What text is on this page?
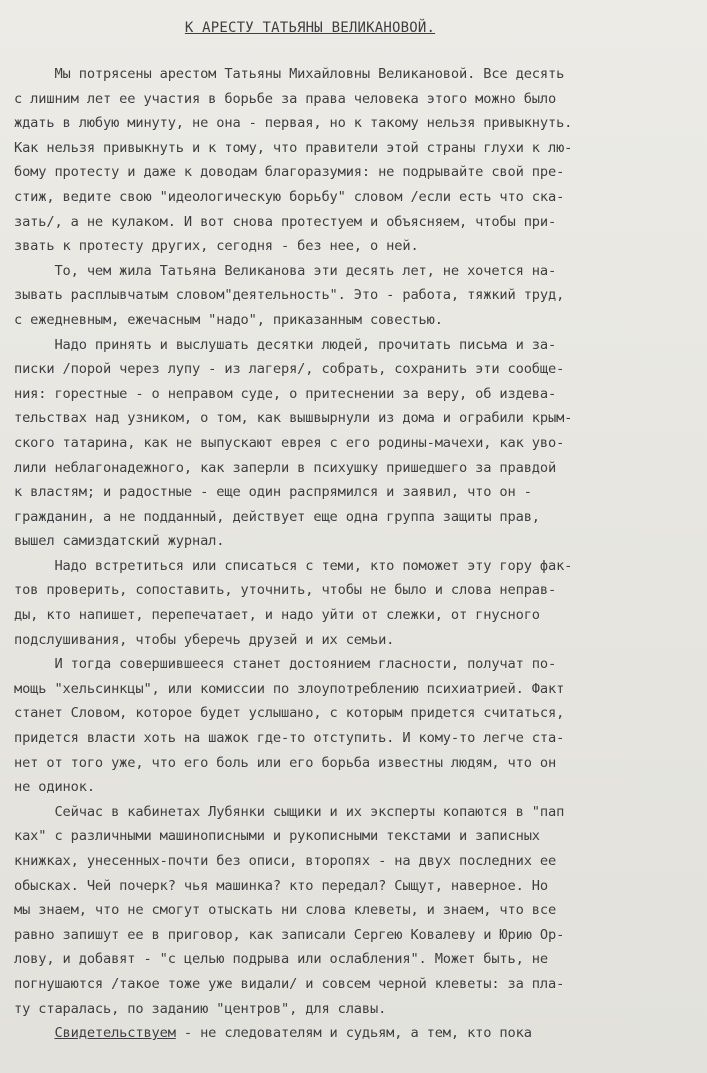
К АРЕСТУ ТАТЬЯНЫ ВЕЛИКАНОВОЙ.
Мы потрясены арестом Татьяны Михайловны Великановой. Все десять
с лишним лет ее участия в борьбе за права человека этого можно было
ждать в любую минуту, не она - первая, но к такому нельзя привыкнуть.
Как нельзя привыкнуть и к тому, что правители этой страны глухи к лю-
бому протесту и даже к доводам благоразумия: не подрывайте свой пре-
стиж, ведите свою "идеологическую борьбу" словом /если есть что ска-
зать/, а не кулаком. И вот снова протестуем и объясняем, чтобы при-
звать к протесту других, сегодня - без нее, о ней.
То, чем жила Татьяна Великанова эти десять лет, не хочется на-
зывать расплывчатым словом"деятельность". Это - работа, тяжкий труд,
с ежедневным, ежечасным "надо", приказанным совестью.
Надо принять и выслушать десятки людей, прочитать письма и за-
писки /порой через лупу - из лагеря/, собрать, сохранить эти сообще-
ния: горестные - о неправом суде, о притеснении за веру, об издева-
тельствах над узником, о том, как вышвырнули из дома и ограбили крым-
ского татарина, как не выпускают еврея с его родины-мачехи, как уво-
лили неблагонадежного, как заперли в психушку пришедшего за правдой
к властям; и радостные - еще один распрямился и заявил, что он -
гражданин, а не подданный, действует еще одна группа защиты прав,
вышел самиздатский журнал.
Надо встретиться или списаться с теми, кто поможет эту гору фак-
тов проверить, сопоставить, уточнить, чтобы не было и слова неправ-
ды, кто напишет, перепечатает, и надо уйти от слежки, от гнусного
подслушивания, чтобы уберечь друзей и их семьи.
И тогда совершившееся станет достоянием гласности, получат по-
мощь "хельсинкцы", или комиссии по злоупотреблению психиатрией. Факт
станет Словом, которое будет услышано, с которым придется считаться,
придется власти хоть на шажок где-то отступить. И кому-то легче ста-
нет от того уже, что его боль или его борьба известны людям, что он
не одинок.
Сейчас в кабинетах Лубянки сыщики и их эксперты копаются в "пап
ках" с различными машинописными и рукописными текстами и записных
книжках, унесенных-почти без описи, второпях - на двух последних ее
обысках. Чей почерк? чья машинка? кто передал? Сыщут, наверное. Но
мы знаем, что не смогут отыскать ни слова клеветы, и знаем, что все
равно запишут ее в приговор, как записали Сергею Ковалеву и Юрию Ор-
лову, и добавят - "с целью подрыва или ослабления". Может быть, не
погнушаются /такое тоже уже видали/ и совсем черной клеветы: за пла-
ту старалась, по заданию "центров", для славы.
Свидетельствуем - не следователям и судьям, а тем, кто пока
